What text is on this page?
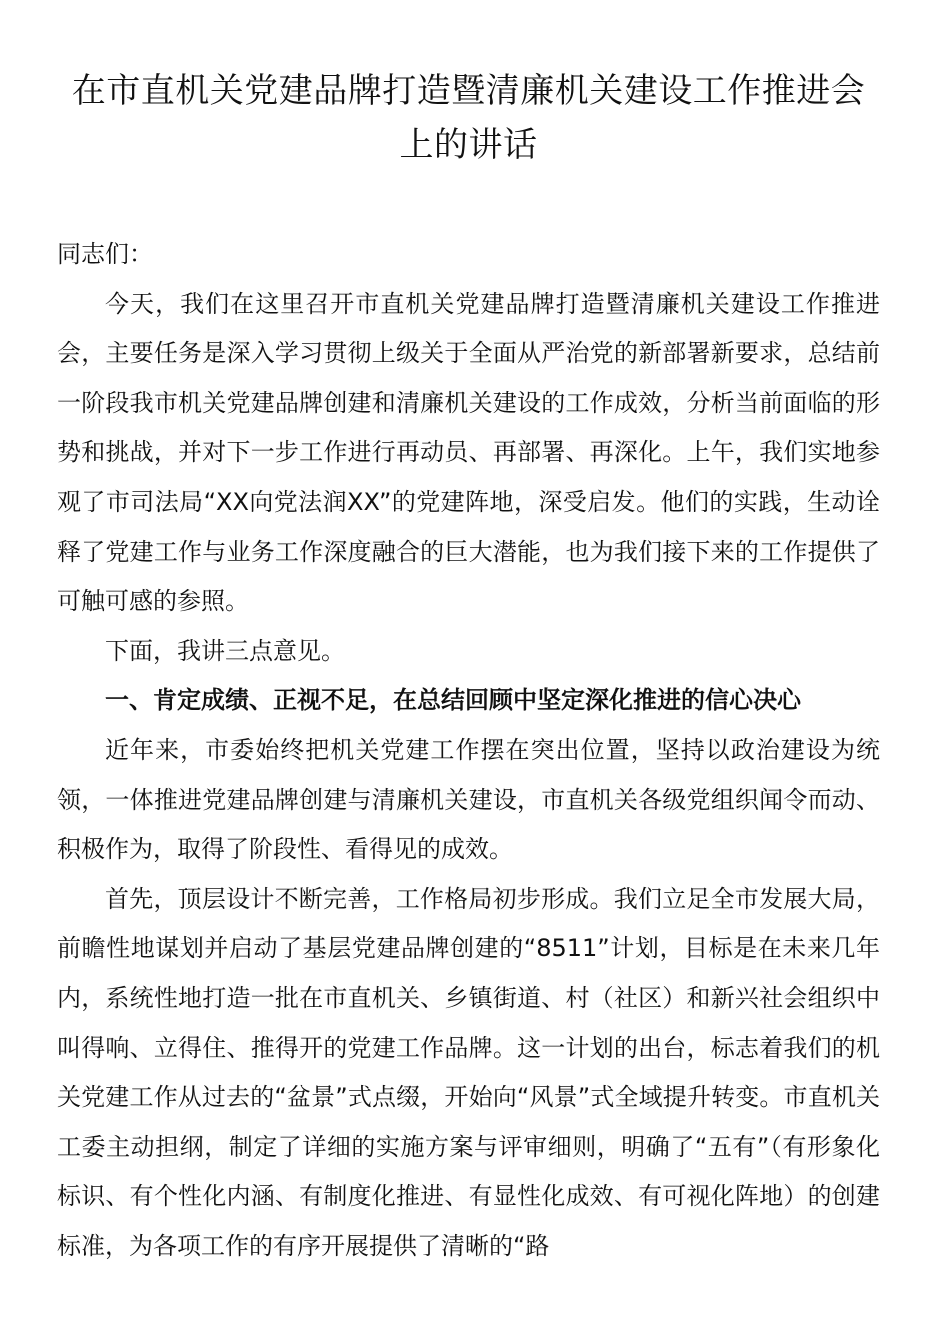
在市直机关党建品牌打造暨清廉机关建设工作推进会上的讲话

同志们：

今天，我们在这里召开市直机关党建品牌打造暨清廉机关建设工作推进会，主要任务是深入学习贯彻上级关于全面从严治党的新部署新要求，总结前一阶段我市机关党建品牌创建和清廉机关建设的工作成效，分析当前面临的形势和挑战，并对下一步工作进行再动员、再部署、再深化。上午，我们实地参观了市司法局“XX向党法润XX”的党建阵地，深受启发。他们的实践，生动诠释了党建工作与业务工作深度融合的巨大潜能，也为我们接下来的工作提供了可触可感的参照。

下面，我讲三点意见。

一、肯定成绩、正视不足，在总结回顾中坚定深化推进的信心决心

近年来，市委始终把机关党建工作摆在突出位置，坚持以政治建设为统领，一体推进党建品牌创建与清廉机关建设，市直机关各级党组织闻令而动、积极作为，取得了阶段性、看得见的成效。

首先，顶层设计不断完善，工作格局初步形成。我们立足全市发展大局，前瞻性地谋划并启动了基层党建品牌创建的“8511”计划，目标是在未来几年内，系统性地打造一批在市直机关、乡镇街道、村（社区）和新兴社会组织中叫得响、立得住、推得开的党建工作品牌。这一计划的出台，标志着我们的机关党建工作从过去的“盆景”式点缀，开始向“风景”式全域提升转变。市直机关工委主动担纲，制定了详细的实施方案与评审细则，明确了“五有”（有形象化标识、有个性化内涵、有制度化推进、有显性化成效、有可视化阵地）的创建标准，为各项工作的有序开展提供了清晰的“路
